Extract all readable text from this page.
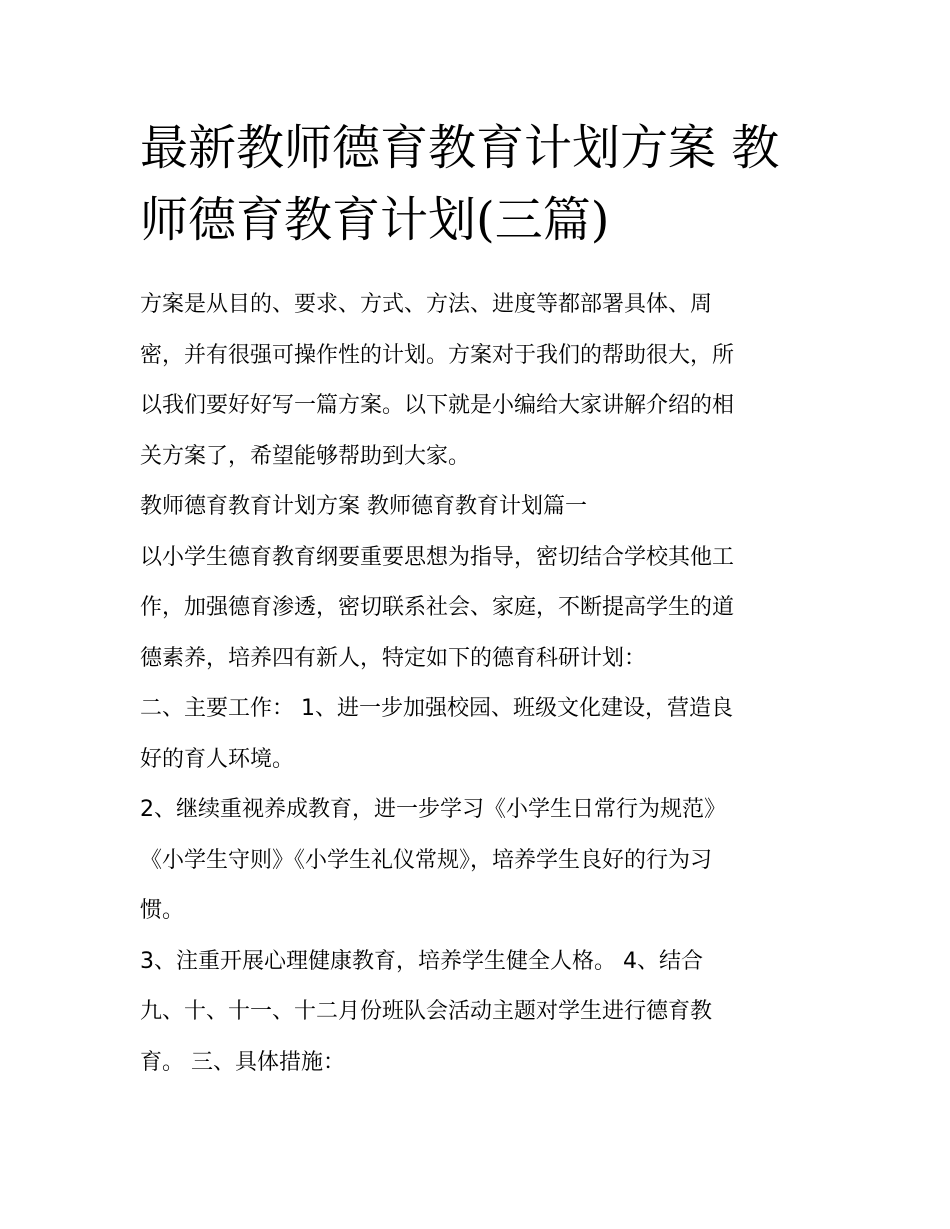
最新教师德育教育计划方案 教
师德育教育计划(三篇)
方案是从目的、要求、方式、方法、进度等都部署具体、周
密，并有很强可操作性的计划。方案对于我们的帮助很大，所
以我们要好好写一篇方案。以下就是小编给大家讲解介绍的相
关方案了，希望能够帮助到大家。
教师德育教育计划方案 教师德育教育计划篇一
以小学生德育教育纲要重要思想为指导，密切结合学校其他工
作，加强德育渗透，密切联系社会、家庭，不断提高学生的道
德素养，培养四有新人，特定如下的德育科研计划：
二、主要工作： 1、进一步加强校园、班级文化建设，营造良
好的育人环境。
2、继续重视养成教育，进一步学习《小学生日常行为规范》
《小学生守则》《小学生礼仪常规》，培养学生良好的行为习
惯。
3、注重开展心理健康教育，培养学生健全人格。 4、结合
九、十、十一、十二月份班队会活动主题对学生进行德育教
育。 三、具体措施：
